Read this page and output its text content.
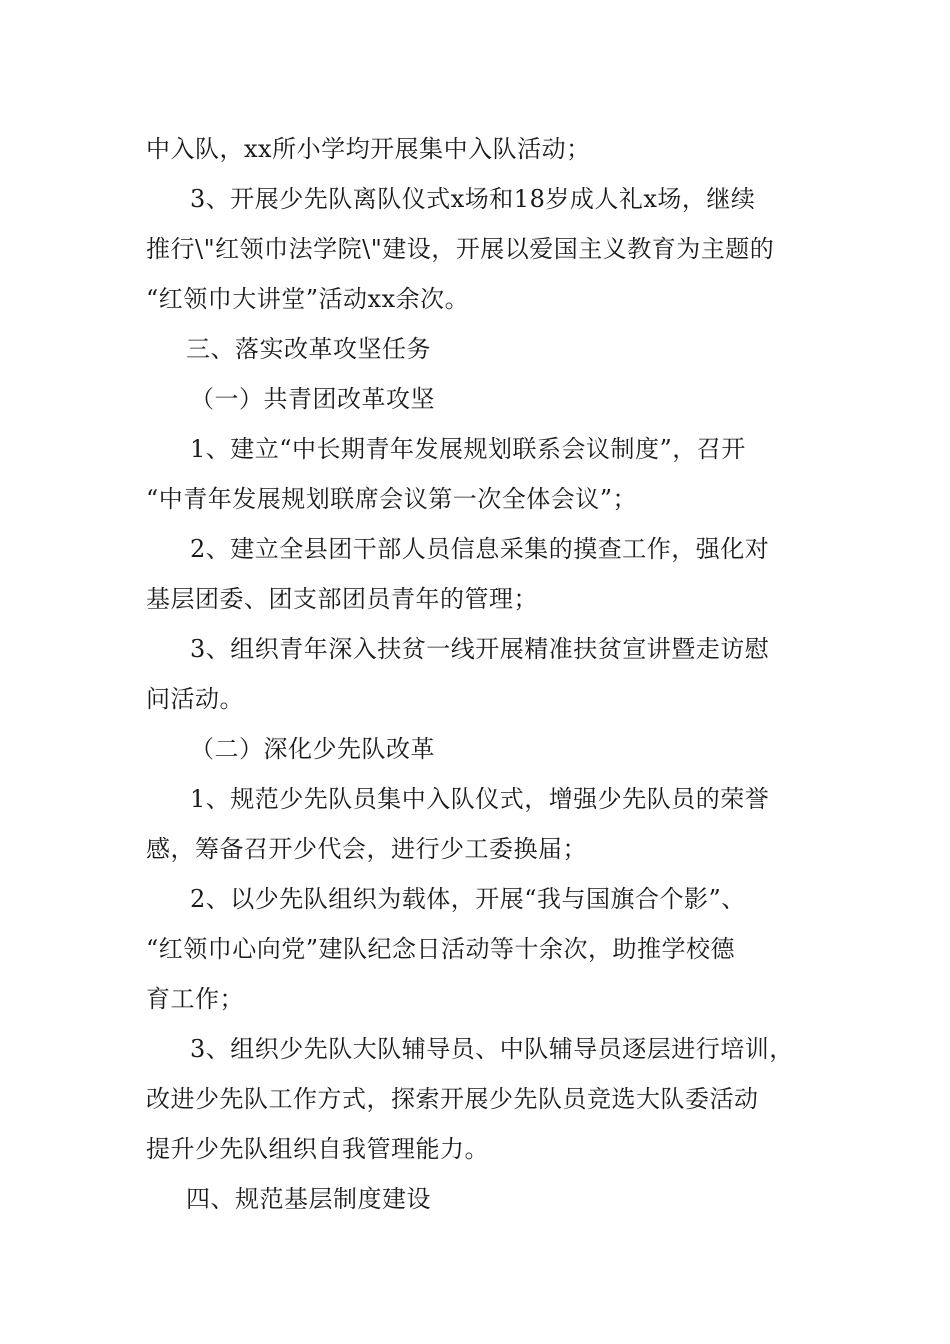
中入队，xx所小学均开展集中入队活动；
3、开展少先队离队仪式x场和18岁成人礼x场，继续
推行\"红领巾法学院\"建设，开展以爱国主义教育为主题的
“红领巾大讲堂”活动xx余次。
三、落实改革攻坚任务
（一）共青团改革攻坚
1、建立“中长期青年发展规划联系会议制度”，召开
“中青年发展规划联席会议第一次全体会议”；
2、建立全县团干部人员信息采集的摸查工作，强化对
基层团委、团支部团员青年的管理；
3、组织青年深入扶贫一线开展精准扶贫宣讲暨走访慰
问活动。
（二）深化少先队改革
1、规范少先队员集中入队仪式，增强少先队员的荣誉
感，筹备召开少代会，进行少工委换届；
2、以少先队组织为载体，开展“我与国旗合个影”、
“红领巾心向党”建队纪念日活动等十余次，助推学校德
育工作；
3、组织少先队大队辅导员、中队辅导员逐层进行培训，
改进少先队工作方式，探索开展少先队员竞选大队委活动
提升少先队组织自我管理能力。
四、规范基层制度建设
